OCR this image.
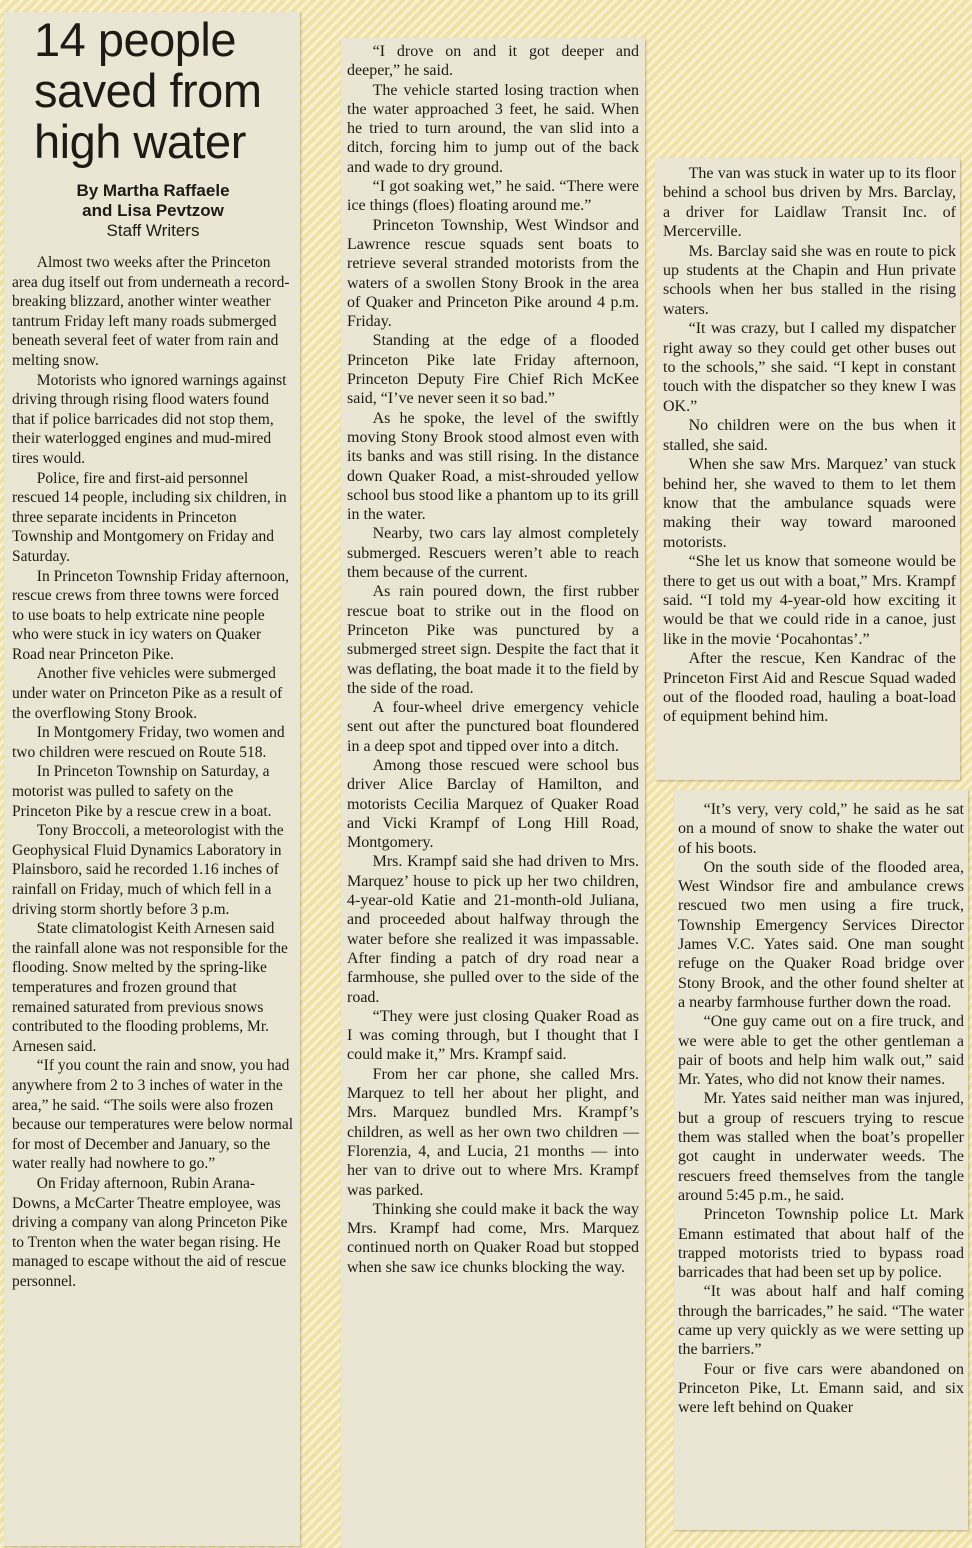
14 people
saved from
high water
By Martha Raffaele
and Lisa Pevtzow
Staff Writers

Almost two weeks after the Princeton area dug itself out from underneath a record-breaking blizzard, another winter weather tantrum Friday left many roads submerged beneath several feet of water from rain and melting snow.

Motorists who ignored warnings against driving through rising flood waters found that if police barricades did not stop them, their waterlogged engines and mud-mired tires would.

Police, fire and first-aid personnel rescued 14 people, including six children, in three separate incidents in Princeton Township and Montgomery on Friday and Saturday.

In Princeton Township Friday afternoon, rescue crews from three towns were forced to use boats to help extricate nine people who were stuck in icy waters on Quaker Road near Princeton Pike.

Another five vehicles were submerged under water on Princeton Pike as a result of the overflowing Stony Brook.

In Montgomery Friday, two women and two children were rescued on Route 518.

In Princeton Township on Saturday, a motorist was pulled to safety on the Princeton Pike by a rescue crew in a boat.

Tony Broccoli, a meteorologist with the Geophysical Fluid Dynamics Laboratory in Plainsboro, said he recorded 1.16 inches of rainfall on Friday, much of which fell in a driving storm shortly before 3 p.m.

State climatologist Keith Arnesen said the rainfall alone was not responsible for the flooding. Snow melted by the spring-like temperatures and frozen ground that remained saturated from previous snows contributed to the flooding problems, Mr. Arnesen said.

“If you count the rain and snow, you had anywhere from 2 to 3 inches of water in the area,” he said. “The soils were also frozen because our temperatures were below normal for most of December and January, so the water really had nowhere to go.”

On Friday afternoon, Rubin Arana-Downs, a McCarter Theatre employee, was driving a company van along Princeton Pike to Trenton when the water began rising. He managed to escape without the aid of rescue personnel.

“I drove on and it got deeper and deeper,” he said.

The vehicle started losing traction when the water approached 3 feet, he said. When he tried to turn around, the van slid into a ditch, forcing him to jump out of the back and wade to dry ground.

“I got soaking wet,” he said. “There were ice things (floes) floating around me.”

Princeton Township, West Windsor and Lawrence rescue squads sent boats to retrieve several stranded motorists from the waters of a swollen Stony Brook in the area of Quaker and Princeton Pike around 4 p.m. Friday.

Standing at the edge of a flooded Princeton Pike late Friday afternoon, Princeton Deputy Fire Chief Rich McKee said, “I’ve never seen it so bad.”

As he spoke, the level of the swiftly moving Stony Brook stood almost even with its banks and was still rising. In the distance down Quaker Road, a mist-shrouded yellow school bus stood like a phantom up to its grill in the water.

Nearby, two cars lay almost completely submerged. Rescuers weren’t able to reach them because of the current.

As rain poured down, the first rubber rescue boat to strike out in the flood on Princeton Pike was punctured by a submerged street sign. Despite the fact that it was deflating, the boat made it to the field by the side of the road.

A four-wheel drive emergency vehicle sent out after the punctured boat floundered in a deep spot and tipped over into a ditch.

Among those rescued were school bus driver Alice Barclay of Hamilton, and motorists Cecilia Marquez of Quaker Road and Vicki Krampf of Long Hill Road, Montgomery.

Mrs. Krampf said she had driven to Mrs. Marquez’ house to pick up her two children, 4-year-old Katie and 21-month-old Juliana, and proceeded about halfway through the water before she realized it was impassable. After finding a patch of dry road near a farmhouse, she pulled over to the side of the road.

“They were just closing Quaker Road as I was coming through, but I thought that I could make it,” Mrs. Krampf said.

From her car phone, she called Mrs. Marquez to tell her about her plight, and Mrs. Marquez bundled Mrs. Krampf’s children, as well as her own two children — Florenzia, 4, and Lucia, 21 months — into her van to drive out to where Mrs. Krampf was parked.

Thinking she could make it back the way Mrs. Krampf had come, Mrs. Marquez continued north on Quaker Road but stopped when she saw ice chunks blocking the way.

The van was stuck in water up to its floor behind a school bus driven by Mrs. Barclay, a driver for Laidlaw Transit Inc. of Mercerville.

Ms. Barclay said she was en route to pick up students at the Chapin and Hun private schools when her bus stalled in the rising waters.

“It was crazy, but I called my dispatcher right away so they could get other buses out to the schools,” she said. “I kept in constant touch with the dispatcher so they knew I was OK.”

No children were on the bus when it stalled, she said.

When she saw Mrs. Marquez’ van stuck behind her, she waved to them to let them know that the ambulance squads were making their way toward marooned motorists.

“She let us know that someone would be there to get us out with a boat,” Mrs. Krampf said. “I told my 4-year-old how exciting it would be that we could ride in a canoe, just like in the movie ‘Pocahontas’.”

After the rescue, Ken Kandrac of the Princeton First Aid and Rescue Squad waded out of the flooded road, hauling a boat-load of equipment behind him.

“It’s very, very cold,” he said as he sat on a mound of snow to shake the water out of his boots.

On the south side of the flooded area, West Windsor fire and ambulance crews rescued two men using a fire truck, Township Emergency Services Director James V.C. Yates said. One man sought refuge on the Quaker Road bridge over Stony Brook, and the other found shelter at a nearby farmhouse further down the road.

“One guy came out on a fire truck, and we were able to get the other gentleman a pair of boots and help him walk out,” said Mr. Yates, who did not know their names.

Mr. Yates said neither man was injured, but a group of rescuers trying to rescue them was stalled when the boat’s propeller got caught in underwater weeds. The rescuers freed themselves from the tangle around 5:45 p.m., he said.

Princeton Township police Lt. Mark Emann estimated that about half of the trapped motorists tried to bypass road barricades that had been set up by police.

“It was about half and half coming through the barricades,” he said. “The water came up very quickly as we were setting up the barriers.”

Four or five cars were abandoned on Princeton Pike, Lt. Emann said, and six were left behind on Quaker
